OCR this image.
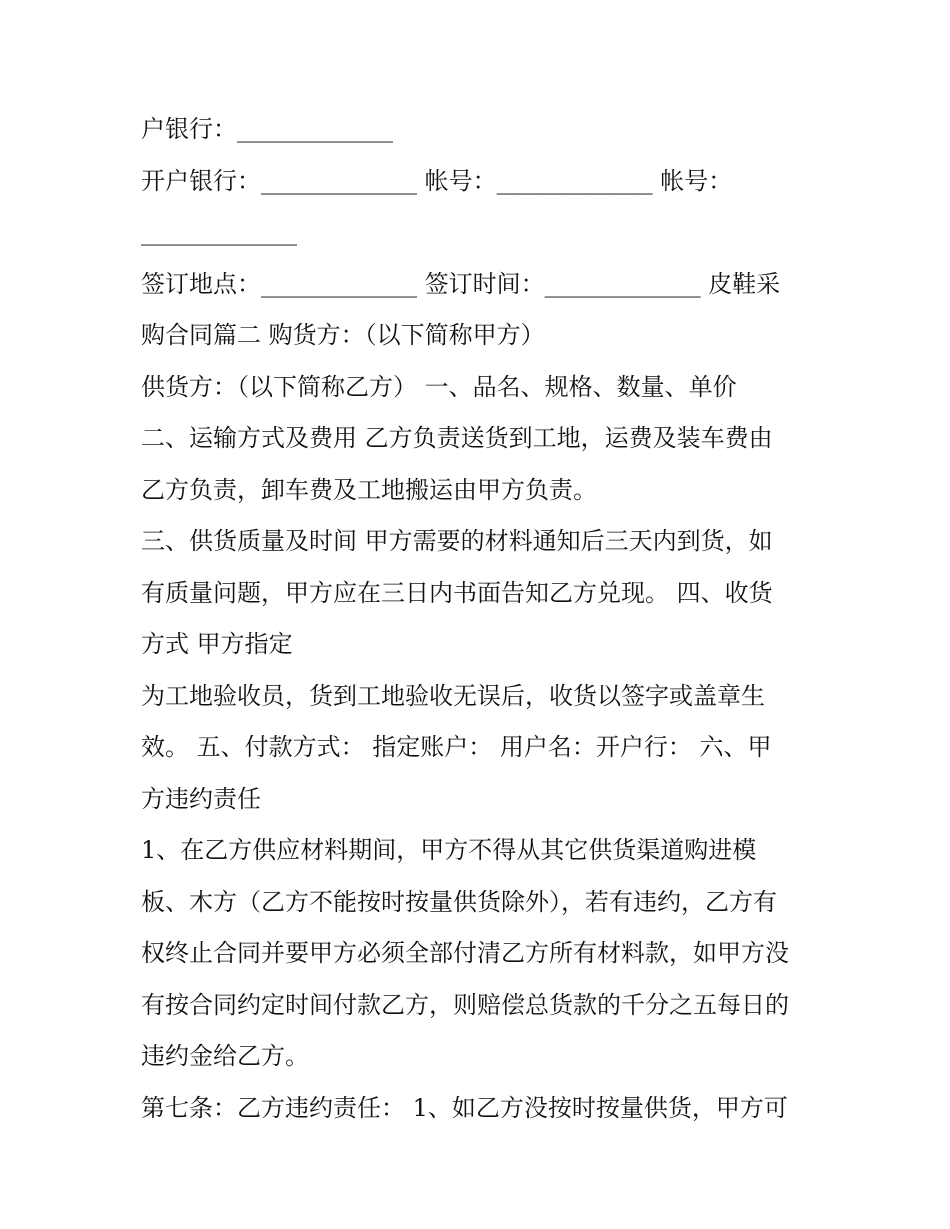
户银行：_____________
开户银行：_____________ 帐号：_____________ 帐号：
_____________
签订地点：_____________ 签订时间：_____________ 皮鞋采
购合同篇二 购货方：（以下简称甲方）
供货方：（以下简称乙方） 一、品名、规格、数量、单价
二、运输方式及费用 乙方负责送货到工地，运费及装车费由
乙方负责，卸车费及工地搬运由甲方负责。
三、供货质量及时间 甲方需要的材料通知后三天内到货，如
有质量问题，甲方应在三日内书面告知乙方兑现。 四、收货
方式 甲方指定
为工地验收员，货到工地验收无误后，收货以签字或盖章生
效。 五、付款方式： 指定账户： 用户名：开户行： 六、甲
方违约责任
1、在乙方供应材料期间，甲方不得从其它供货渠道购进模
板、木方（乙方不能按时按量供货除外），若有违约，乙方有
权终止合同并要甲方必须全部付清乙方所有材料款，如甲方没
有按合同约定时间付款乙方，则赔偿总货款的千分之五每日的
违约金给乙方。
第七条：乙方违约责任： 1、如乙方没按时按量供货，甲方可
